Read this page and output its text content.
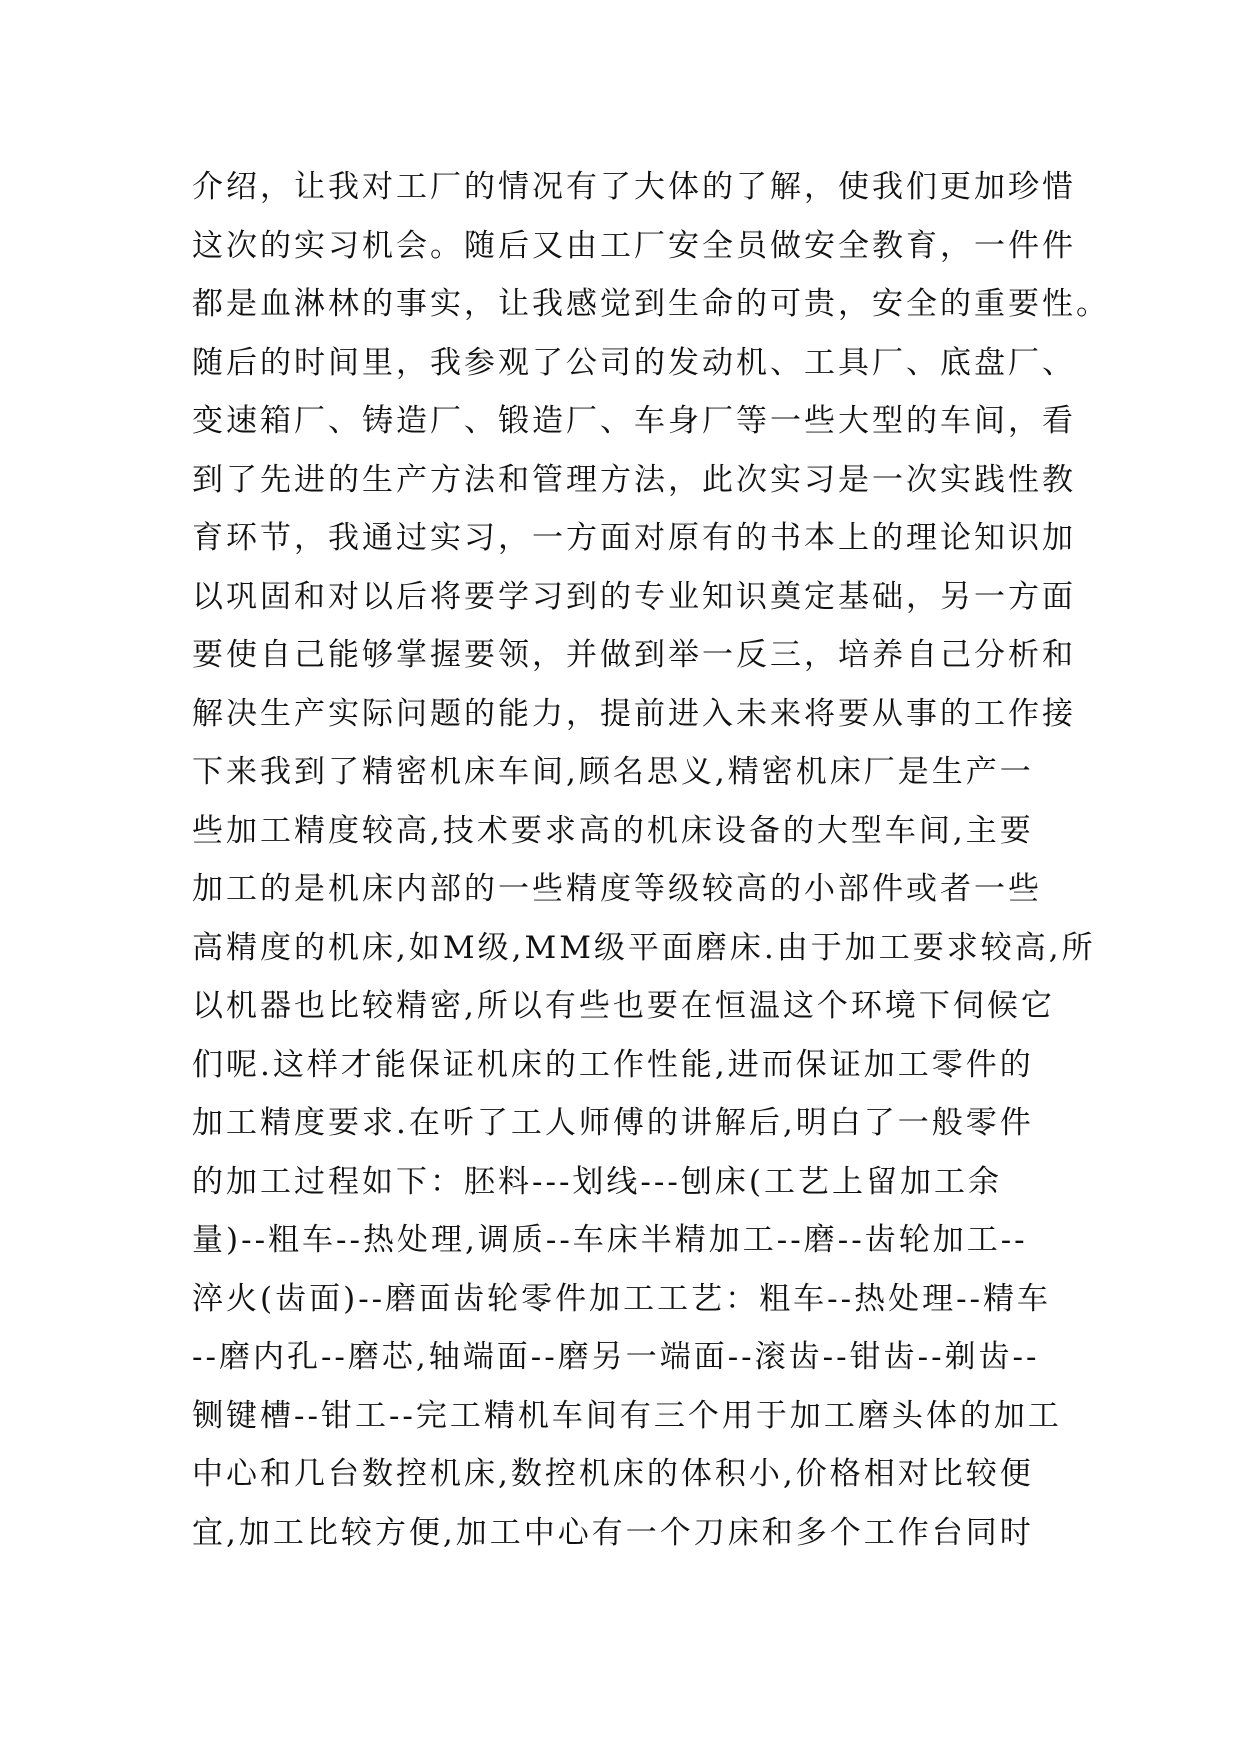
介绍，让我对工厂的情况有了大体的了解，使我们更加珍惜
这次的实习机会。随后又由工厂安全员做安全教育，一件件
都是血淋林的事实，让我感觉到生命的可贵，安全的重要性。
随后的时间里，我参观了公司的发动机、工具厂、底盘厂、
变速箱厂、铸造厂、锻造厂、车身厂等一些大型的车间，看
到了先进的生产方法和管理方法，此次实习是一次实践性教
育环节，我通过实习，一方面对原有的书本上的理论知识加
以巩固和对以后将要学习到的专业知识奠定基础，另一方面
要使自己能够掌握要领，并做到举一反三，培养自己分析和
解决生产实际问题的能力，提前进入未来将要从事的工作接
下来我到了精密机床车间,顾名思义,精密机床厂是生产一
些加工精度较高,技术要求高的机床设备的大型车间,主要
加工的是机床内部的一些精度等级较高的小部件或者一些
高精度的机床,如M级,MM级平面磨床.由于加工要求较高,所
以机器也比较精密,所以有些也要在恒温这个环境下伺候它
们呢.这样才能保证机床的工作性能,进而保证加工零件的
加工精度要求.在听了工人师傅的讲解后,明白了一般零件
的加工过程如下：胚料---划线---刨床(工艺上留加工余
量)--粗车--热处理,调质--车床半精加工--磨--齿轮加工--
淬火(齿面)--磨面齿轮零件加工工艺：粗车--热处理--精车
--磨内孔--磨芯,轴端面--磨另一端面--滚齿--钳齿--剃齿--
铡键槽--钳工--完工精机车间有三个用于加工磨头体的加工
中心和几台数控机床,数控机床的体积小,价格相对比较便
宜,加工比较方便,加工中心有一个刀床和多个工作台同时
